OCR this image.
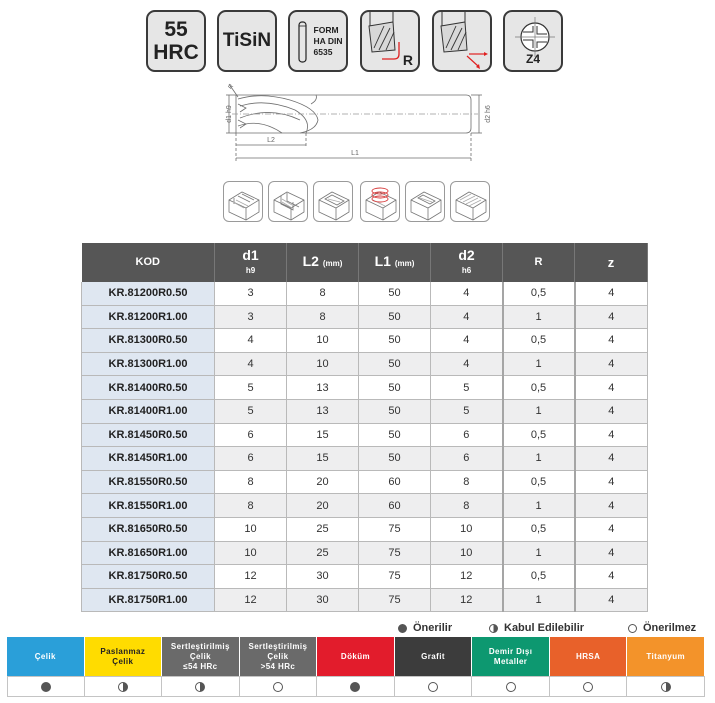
55
HRC
TiSiN
FORM
HA DIN
6535
R	Z4
R
d1 h9	d2 h6
L2
L1
KOD	d1
h9	L2 (mm)	L1 (mm)	d2
h6	R	z
KR.81200R0.50	3	8	50	4	0,5	4
KR.81200R1.00	3	8	50	4	1	4
KR.81300R0.50	4	10	50	4	0,5	4
KR.81300R1.00	4	10	50	4	1	4
KR.81400R0.50	5	13	50	5	0,5	4
KR.81400R1.00	5	13	50	5	1	4
KR.81450R0.50	6	15	50	6	0,5	4
KR.81450R1.00	6	15	50	6	1	4
KR.81550R0.50	8	20	60	8	0,5	4
KR.81550R1.00	8	20	60	8	1	4
KR.81650R0.50	10	25	75	10	0,5	4
KR.81650R1.00	10	25	75	10	1	4
KR.81750R0.50	12	30	75	12	0,5	4
KR.81750R1.00	12	30	75	12	1	4
Önerilir	Kabul Edilebilir	Önerilmez
Çelik
Paslanmaz
Çelik
Sertleştirilmiş
Çelik
≤54 HRc
Sertleştirilmiş
Çelik
>54 HRc
Döküm	Grafit
Demir Dışı
Metaller
HRSA	Titanyum
